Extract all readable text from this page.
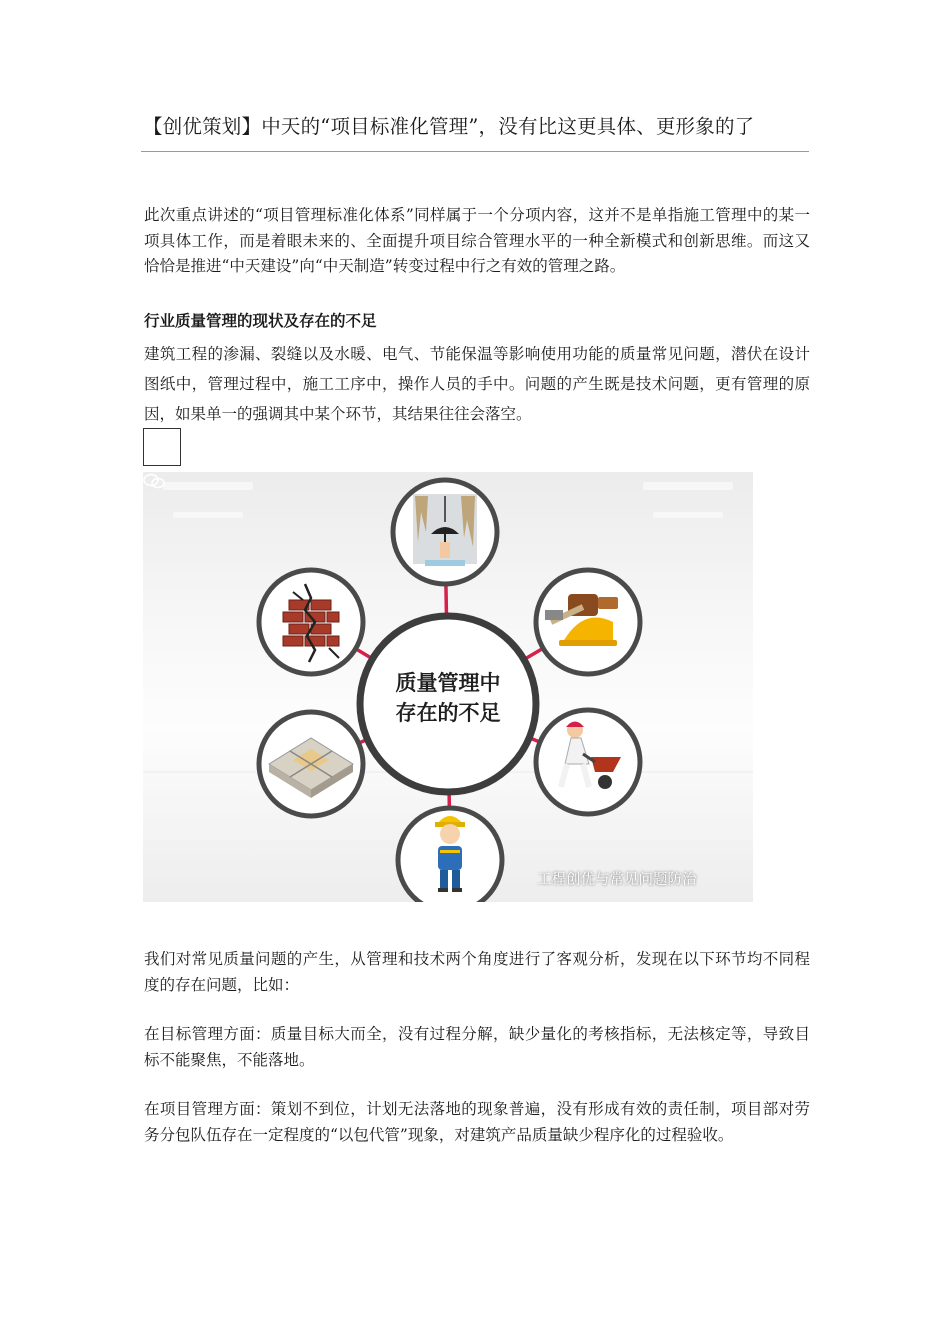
【创优策划】中天的“项目标准化管理”，没有比这更具体、更形象的了

此次重点讲述的“项目管理标准化体系”同样属于一个分项内容，这并不是单指施工管理中的某一项具体工作，而是着眼未来的、全面提升项目综合管理水平的一种全新模式和创新思维。而这又恰恰是推进“中天建设”向“中天制造”转变过程中行之有效的管理之路。

行业质量管理的现状及存在的不足

建筑工程的渗漏、裂缝以及水暖、电气、节能保温等影响使用功能的质量常见问题，潜伏在设计图纸中，管理过程中，施工工序中，操作人员的手中。问题的产生既是技术问题，更有管理的原因，如果单一的强调其中某个环节，其结果往往会落空。

质量管理中
存在的不足
工程创优与常见问题防治

我们对常见质量问题的产生，从管理和技术两个角度进行了客观分析，发现在以下环节均不同程度的存在问题，比如：

在目标管理方面：质量目标大而全，没有过程分解，缺少量化的考核指标，无法核定等，导致目标不能聚焦，不能落地。

在项目管理方面：策划不到位，计划无法落地的现象普遍，没有形成有效的责任制，项目部对劳务分包队伍存在一定程度的“以包代管”现象，对建筑产品质量缺少程序化的过程验收。
